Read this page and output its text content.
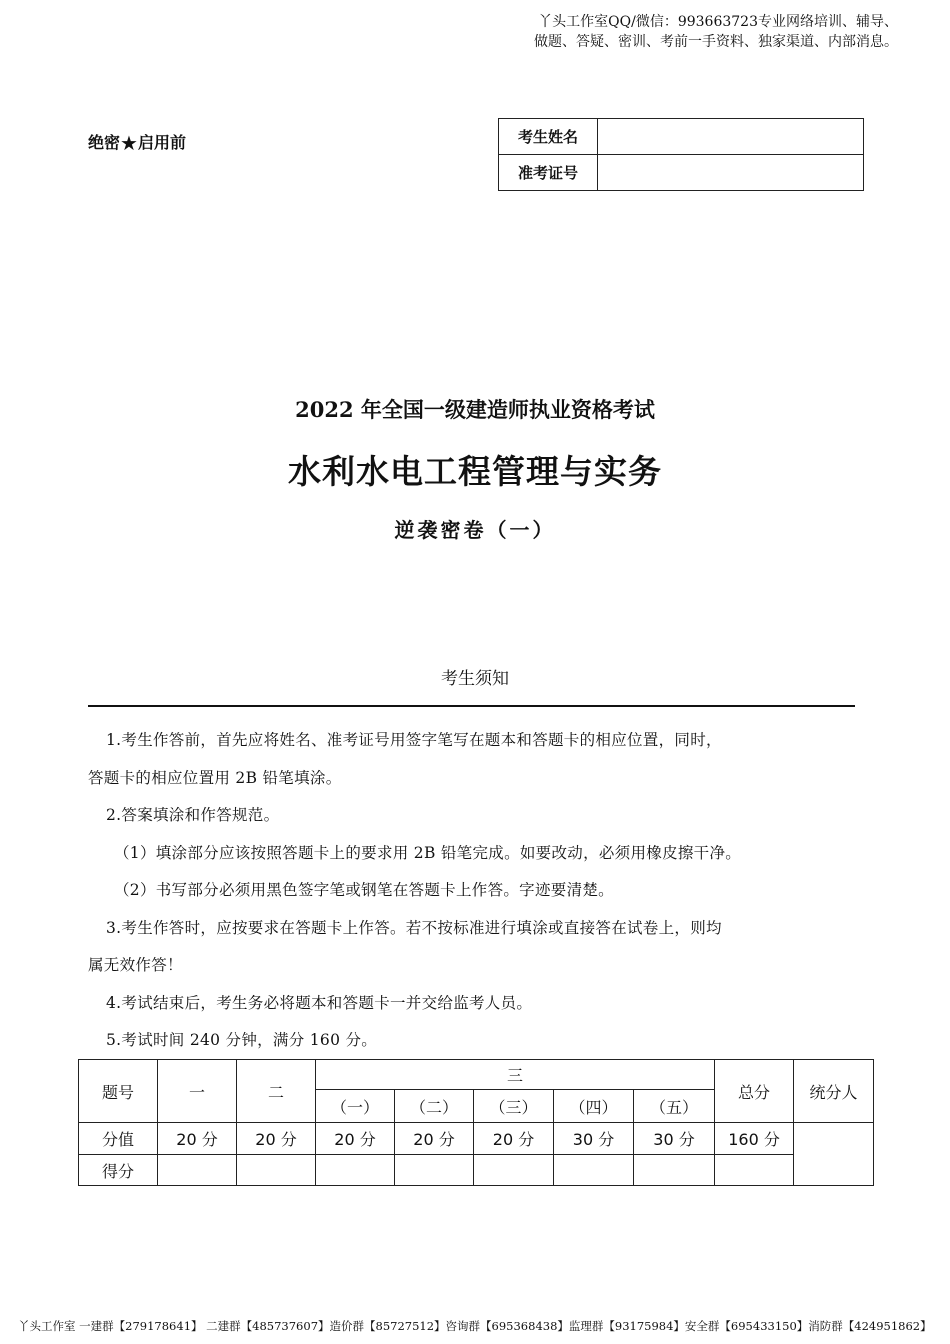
丫头工作室QQ/微信：993663723专业网络培训、辅导、
做题、答疑、密训、考前一手资料、独家渠道、内部消息。
绝密★启用前	考生姓名	
准考证号	
2022 年全国一级建造师执业资格考试
水利水电工程管理与实务
逆袭密卷（一）
考生须知

1.考生作答前，首先应将姓名、准考证号用签字笔写在题本和答题卡的相应位置，同时，

答题卡的相应位置用 2B 铅笔填涂。

2.答案填涂和作答规范。

（1）填涂部分应该按照答题卡上的要求用 2B 铅笔完成。如要改动，必须用橡皮擦干净。

（2）书写部分必须用黑色签字笔或钢笔在答题卡上作答。字迹要清楚。

3.考生作答时，应按要求在答题卡上作答。若不按标准进行填涂或直接答在试卷上，则均

属无效作答！

4.考试结束后，考生务必将题本和答题卡一并交给监考人员。

5.考试时间 240 分钟，满分 160 分。

题号	一	二	三					总分	统分人
			（一）	（二）	（三）	（四）	（五）		
分值	20 分	20 分	20 分	20 分	20 分	30 分	30 分	160 分	
得分									
丫头工作室 一建群【279178641】 二建群【485737607】造价群【85727512】咨询群【695368438】监理群【93175984】安全群【695433150】消防群【424951862】
